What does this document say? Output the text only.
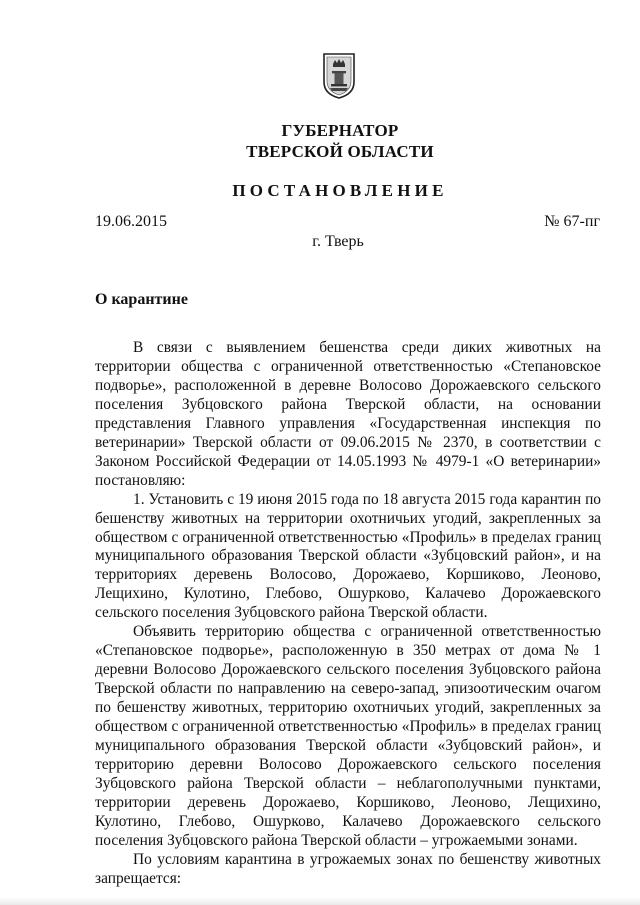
ГУБЕРНАТОР
ТВЕРСКОЙ ОБЛАСТИ
ПОСТАНОВЛЕНИЕ
19.06.2015	№ 67-пг
г. Тверь
О карантине

В связи с выявлением бешенства среди диких животных на территории общества с ограниченной ответственностью «Степановское подворье», расположенной в деревне Волосово Дорожаевского сельского поселения Зубцовского района Тверской области, на основании представления Главного управления «Государственная инспекция по ветеринарии» Тверской области от 09.06.2015 № 2370, в соответствии с Законом Российской Федерации от 14.05.1993 № 4979-1 «О ветеринарии» постановляю:

1. Установить с 19 июня 2015 года по 18 августа 2015 года карантин по бешенству животных на территории охотничьих угодий, закрепленных за обществом с ограниченной ответственностью «Профиль» в пределах границ муниципального образования Тверской области «Зубцовский район», и на территориях деревень Волосово, Дорожаево, Коршиково, Леоново, Лещихино, Кулотино, Глебово, Ошурково, Калачево Дорожаевского сельского поселения Зубцовского района Тверской области.

Объявить территорию общества с ограниченной ответственностью «Степановское подворье», расположенную в 350 метрах от дома № 1 деревни Волосово Дорожаевского сельского поселения Зубцовского района Тверской области по направлению на северо-запад, эпизоотическим очагом по бешенству животных, территорию охотничьих угодий, закрепленных за обществом с ограниченной ответственностью «Профиль» в пределах границ муниципального образования Тверской области «Зубцовский район», и территорию деревни Волосово Дорожаевского сельского поселения Зубцовского района Тверской области – неблагополучными пунктами, территории деревень Дорожаево, Коршиково, Леоново, Лещихино, Кулотино, Глебово, Ошурково, Калачево Дорожаевского сельского поселения Зубцовского района Тверской области – угрожаемыми зонами.

По условиям карантина в угрожаемых зонах по бешенству животных запрещается:
